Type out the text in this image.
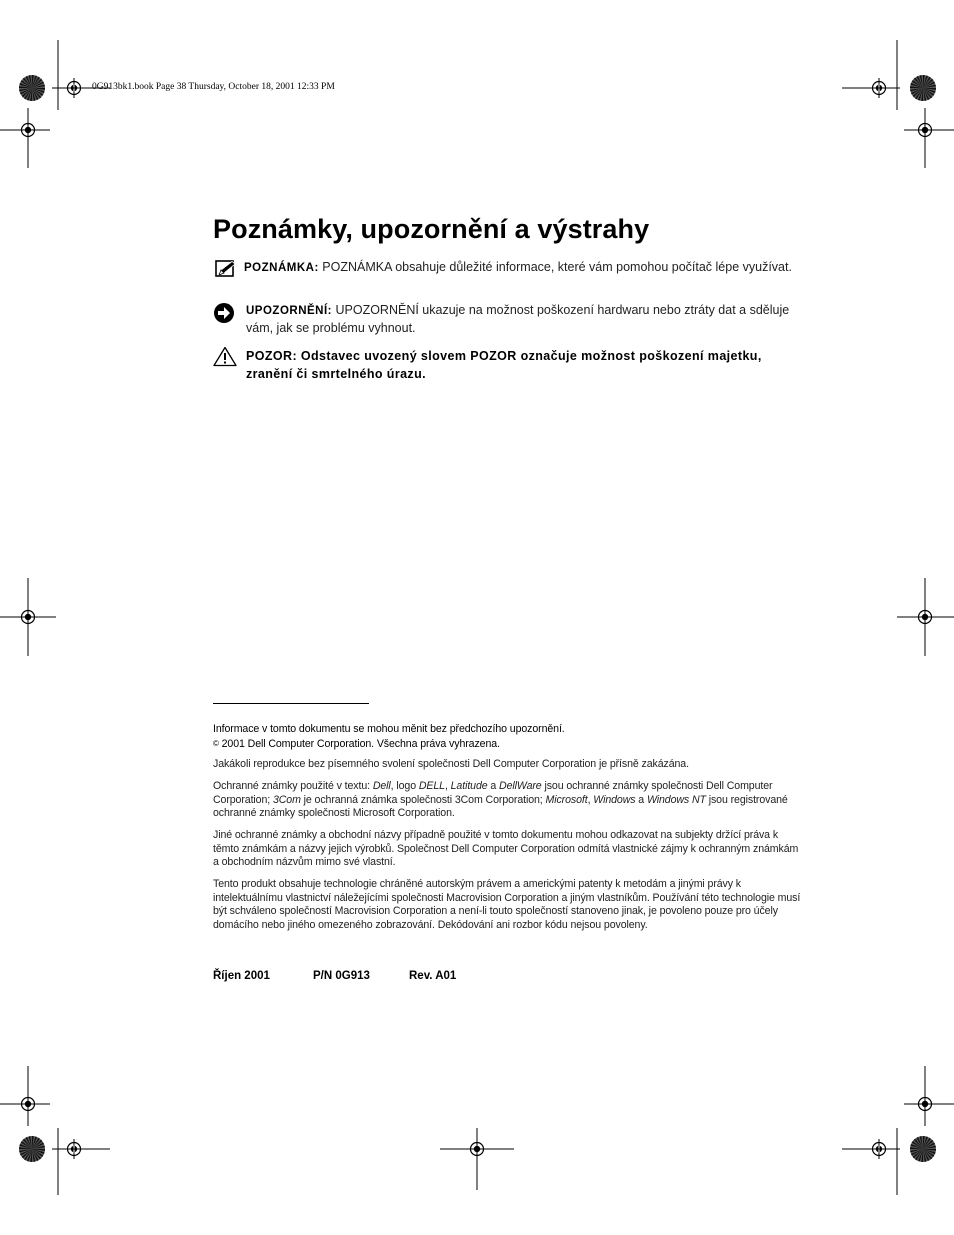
0G913bk1.book Page 38 Thursday, October 18, 2001 12:33 PM
Poznámky, upozornění a výstrahy
POZNÁMKA: POZNÁMKA obsahuje důležité informace, které vám pomohou počítač lépe využívat.
UPOZORNĚNÍ: UPOZORNĚNÍ ukazuje na možnost poškození hardwaru nebo ztráty dat a sděluje vám, jak se problému vyhnout.
POZOR: Odstavec uvozený slovem POZOR označuje možnost poškození majetku, zranění či smrtelného úrazu.
Informace v tomto dokumentu se mohou měnit bez předchozího upozornění.
© 2001 Dell Computer Corporation. Všechna práva vyhrazena.
Jakákoli reprodukce bez písemného svolení společnosti Dell Computer Corporation je přísně zakázána.
Ochranné známky použité v textu: Dell, logo DELL, Latitude a DellWare jsou ochranné známky společnosti Dell Computer Corporation; 3Com je ochranná známka společnosti 3Com Corporation; Microsoft, Windows a Windows NT jsou registrované ochranné známky společnosti Microsoft Corporation.
Jiné ochranné známky a obchodní názvy případně použité v tomto dokumentu mohou odkazovat na subjekty držící práva k těmto známkám a názvy jejich výrobků. Společnost Dell Computer Corporation odmítá vlastnické zájmy k ochranným známkám a obchodním názvům mimo své vlastní.
Tento produkt obsahuje technologie chráněné autorským právem a americkými patenty k metodám a jinými právy k intelektuálnímu vlastnictví náležejícími společnosti Macrovision Corporation a jiným vlastníkům. Používání této technologie musí být schváleno společností Macrovision Corporation a není-li touto společností stanoveno jinak, je povoleno pouze pro účely domácího nebo jiného omezeného zobrazování. Dekódování ani rozbor kódu nejsou povoleny.
Říjen 2001	P/N 0G913	Rev. A01
